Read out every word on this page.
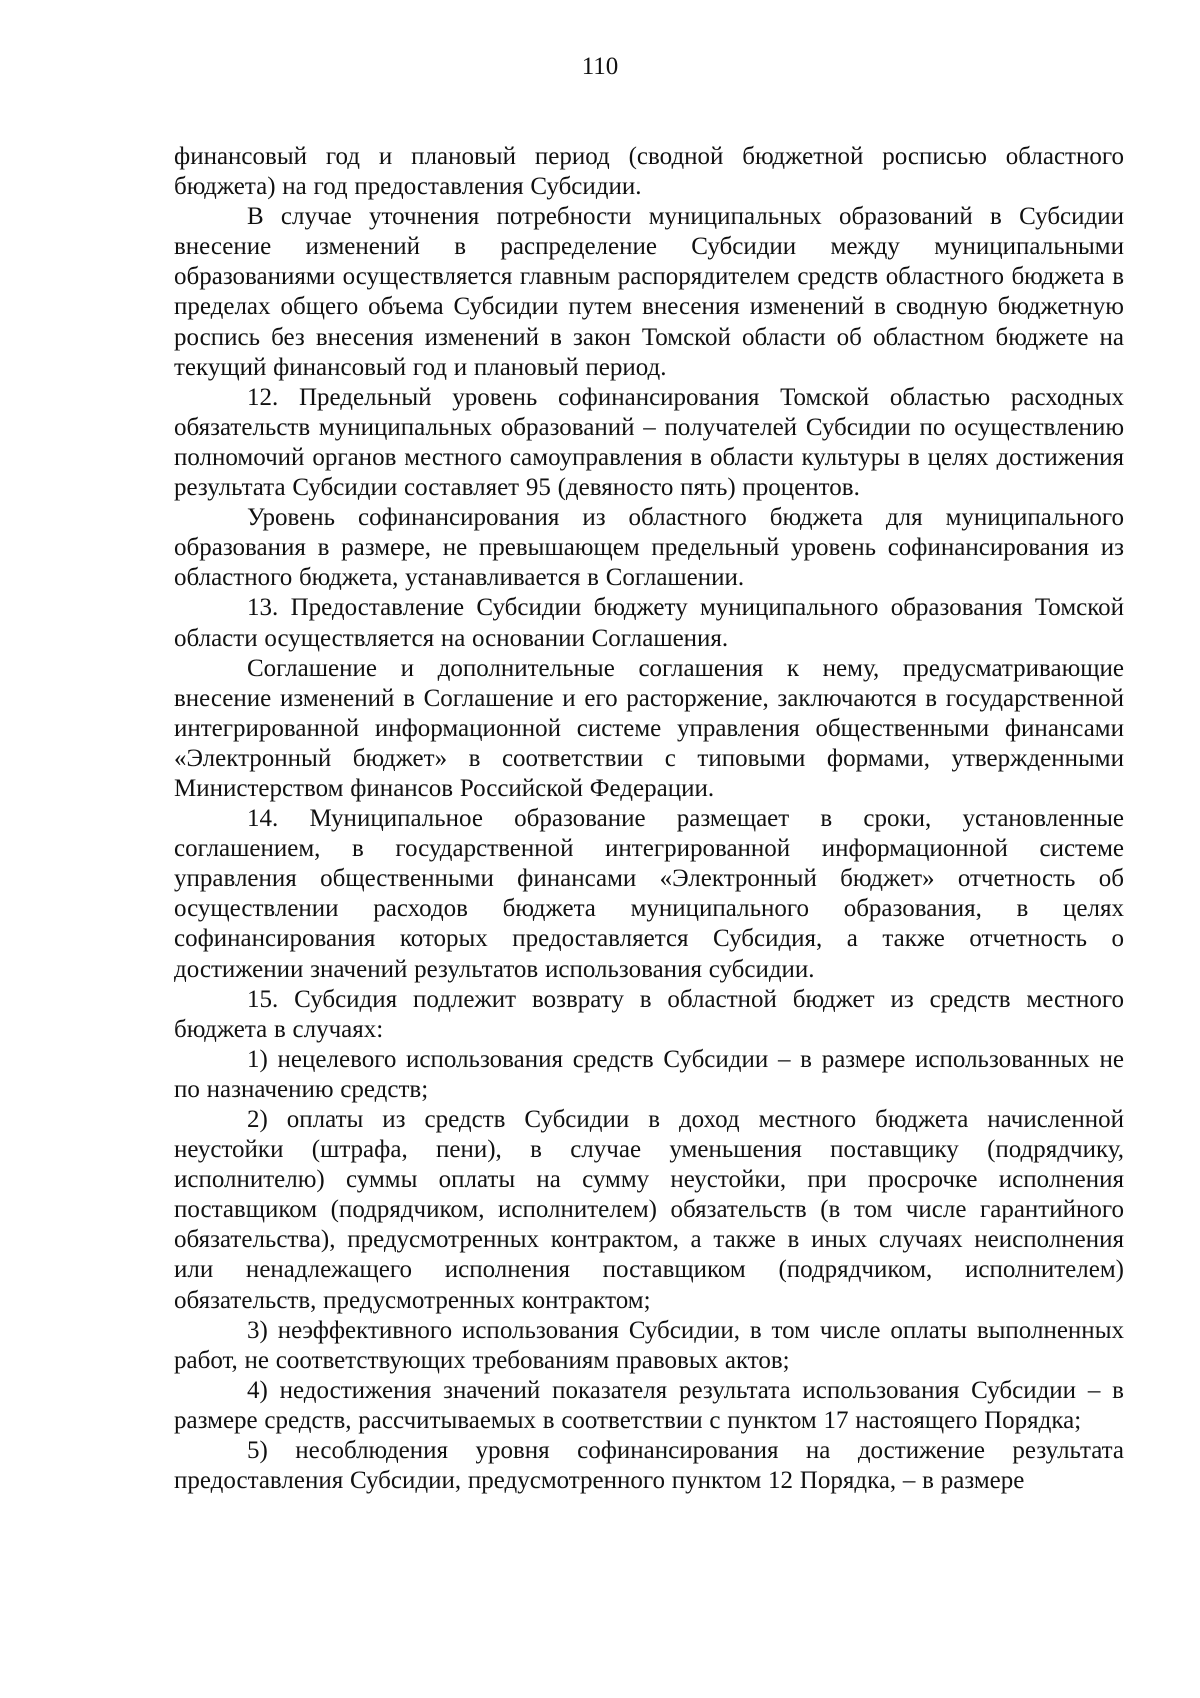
110

финансовый год и плановый период (сводной бюджетной росписью областного бюджета) на год предоставления Субсидии.

В случае уточнения потребности муниципальных образований в Субсидии внесение изменений в распределение Субсидии между муниципальными образованиями осуществляется главным распорядителем средств областного бюджета в пределах общего объема Субсидии путем внесения изменений в сводную бюджетную роспись без внесения изменений в закон Томской области об областном бюджете на текущий финансовый год и плановый период.

12. Предельный уровень софинансирования Томской областью расходных обязательств муниципальных образований – получателей Субсидии по осуществлению полномочий органов местного самоуправления в области культуры в целях достижения результата Субсидии составляет 95 (девяносто пять) процентов.

Уровень софинансирования из областного бюджета для муниципального образования в размере, не превышающем предельный уровень софинансирования из областного бюджета, устанавливается в Соглашении.

13. Предоставление Субсидии бюджету муниципального образования Томской области осуществляется на основании Соглашения.

Соглашение и дополнительные соглашения к нему, предусматривающие внесение изменений в Соглашение и его расторжение, заключаются в государственной интегрированной информационной системе управления общественными финансами «Электронный бюджет» в соответствии с типовыми формами, утвержденными Министерством финансов Российской Федерации.

14. Муниципальное образование размещает в сроки, установленные соглашением, в государственной интегрированной информационной системе управления общественными финансами «Электронный бюджет» отчетность об осуществлении расходов бюджета муниципального образования, в целях софинансирования которых предоставляется Субсидия, а также отчетность о достижении значений результатов использования субсидии.

15. Субсидия подлежит возврату в областной бюджет из средств местного бюджета в случаях:

1) нецелевого использования средств Субсидии – в размере использованных не по назначению средств;

2) оплаты из средств Субсидии в доход местного бюджета начисленной неустойки (штрафа, пени), в случае уменьшения поставщику (подрядчику, исполнителю) суммы оплаты на сумму неустойки, при просрочке исполнения поставщиком (подрядчиком, исполнителем) обязательств (в том числе гарантийного обязательства), предусмотренных контрактом, а также в иных случаях неисполнения или ненадлежащего исполнения поставщиком (подрядчиком, исполнителем) обязательств, предусмотренных контрактом;

3) неэффективного использования Субсидии, в том числе оплаты выполненных работ, не соответствующих требованиям правовых актов;

4) недостижения значений показателя результата использования Субсидии – в размере средств, рассчитываемых в соответствии с пунктом 17 настоящего Порядка;

5) несоблюдения уровня софинансирования на достижение результата предоставления Субсидии, предусмотренного пунктом 12 Порядка, – в размере
